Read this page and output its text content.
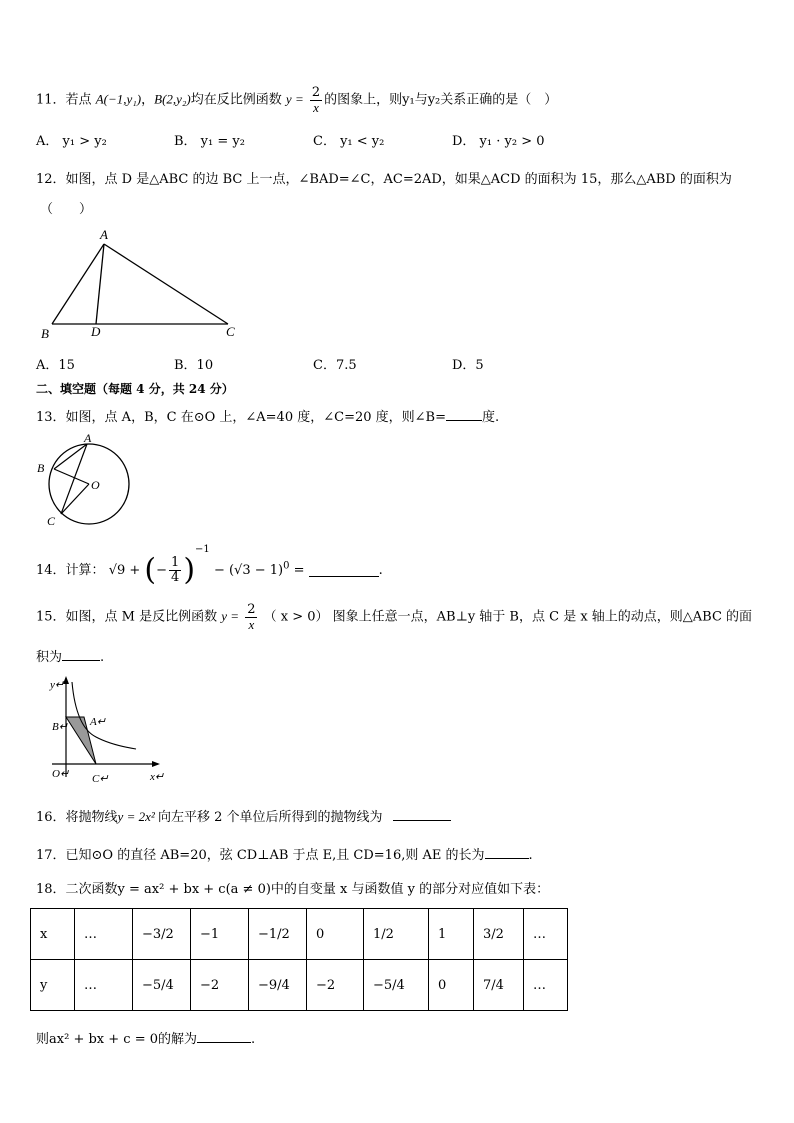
11．若点 A(−1,y₁)，B(2,y₂)均在反比例函数 $y = \frac{2}{x}$ 的图象上，则y₁与y₂关系正确的是（　）
A． y₁ > y₂	B． y₁ = y₂	C． y₁ < y₂	D． y₁ · y₂ > 0
12．如图，点 D 是△ABC 的边 BC 上一点，∠BAD=∠C，AC=2AD，如果△ACD 的面积为 15，那么△ABD 的面积为
（　　）
A
B	D	C
A．15	B．10	C．7.5	D．5
二、填空题（每题 4 分，共 24 分）
13．如图，点 A，B，C 在⊙O 上，∠A=40 度，∠C=20 度，则∠B=	度.
A
B
O
C
14．计算： √9 + (− $\frac{1}{4} )^{-1} - (√3 - 1)^0$ =	.
15．如图，点 M 是反比例函数 $y = \frac{2}{x}$ （ x > 0） 图象上任意一点，AB⊥y 轴于 B，点 C 是 x 轴上的动点，则△ABC 的面
积为	.
y↵
B↵ A↵
O↵ C↵	x↵
16．将抛物线y = 2x² 向左平移 2 个单位后所得到的抛物线为
17．已知⊙O 的直径 AB=20，弦 CD⊥AB 于点 E,且 CD=16,则 AE 的长为	.
18．二次函数y = ax² + bx + c(a ≠ 0)中的自变量 x 与函数值 y 的部分对应值如下表：
x	…	−3/2	−1	−1/2	0	1/2	1	3/2	…
y	…	−5/4	−2	−9/4	−2	−5/4	0	7/4	…
则ax² + bx + c = 0的解为	.
